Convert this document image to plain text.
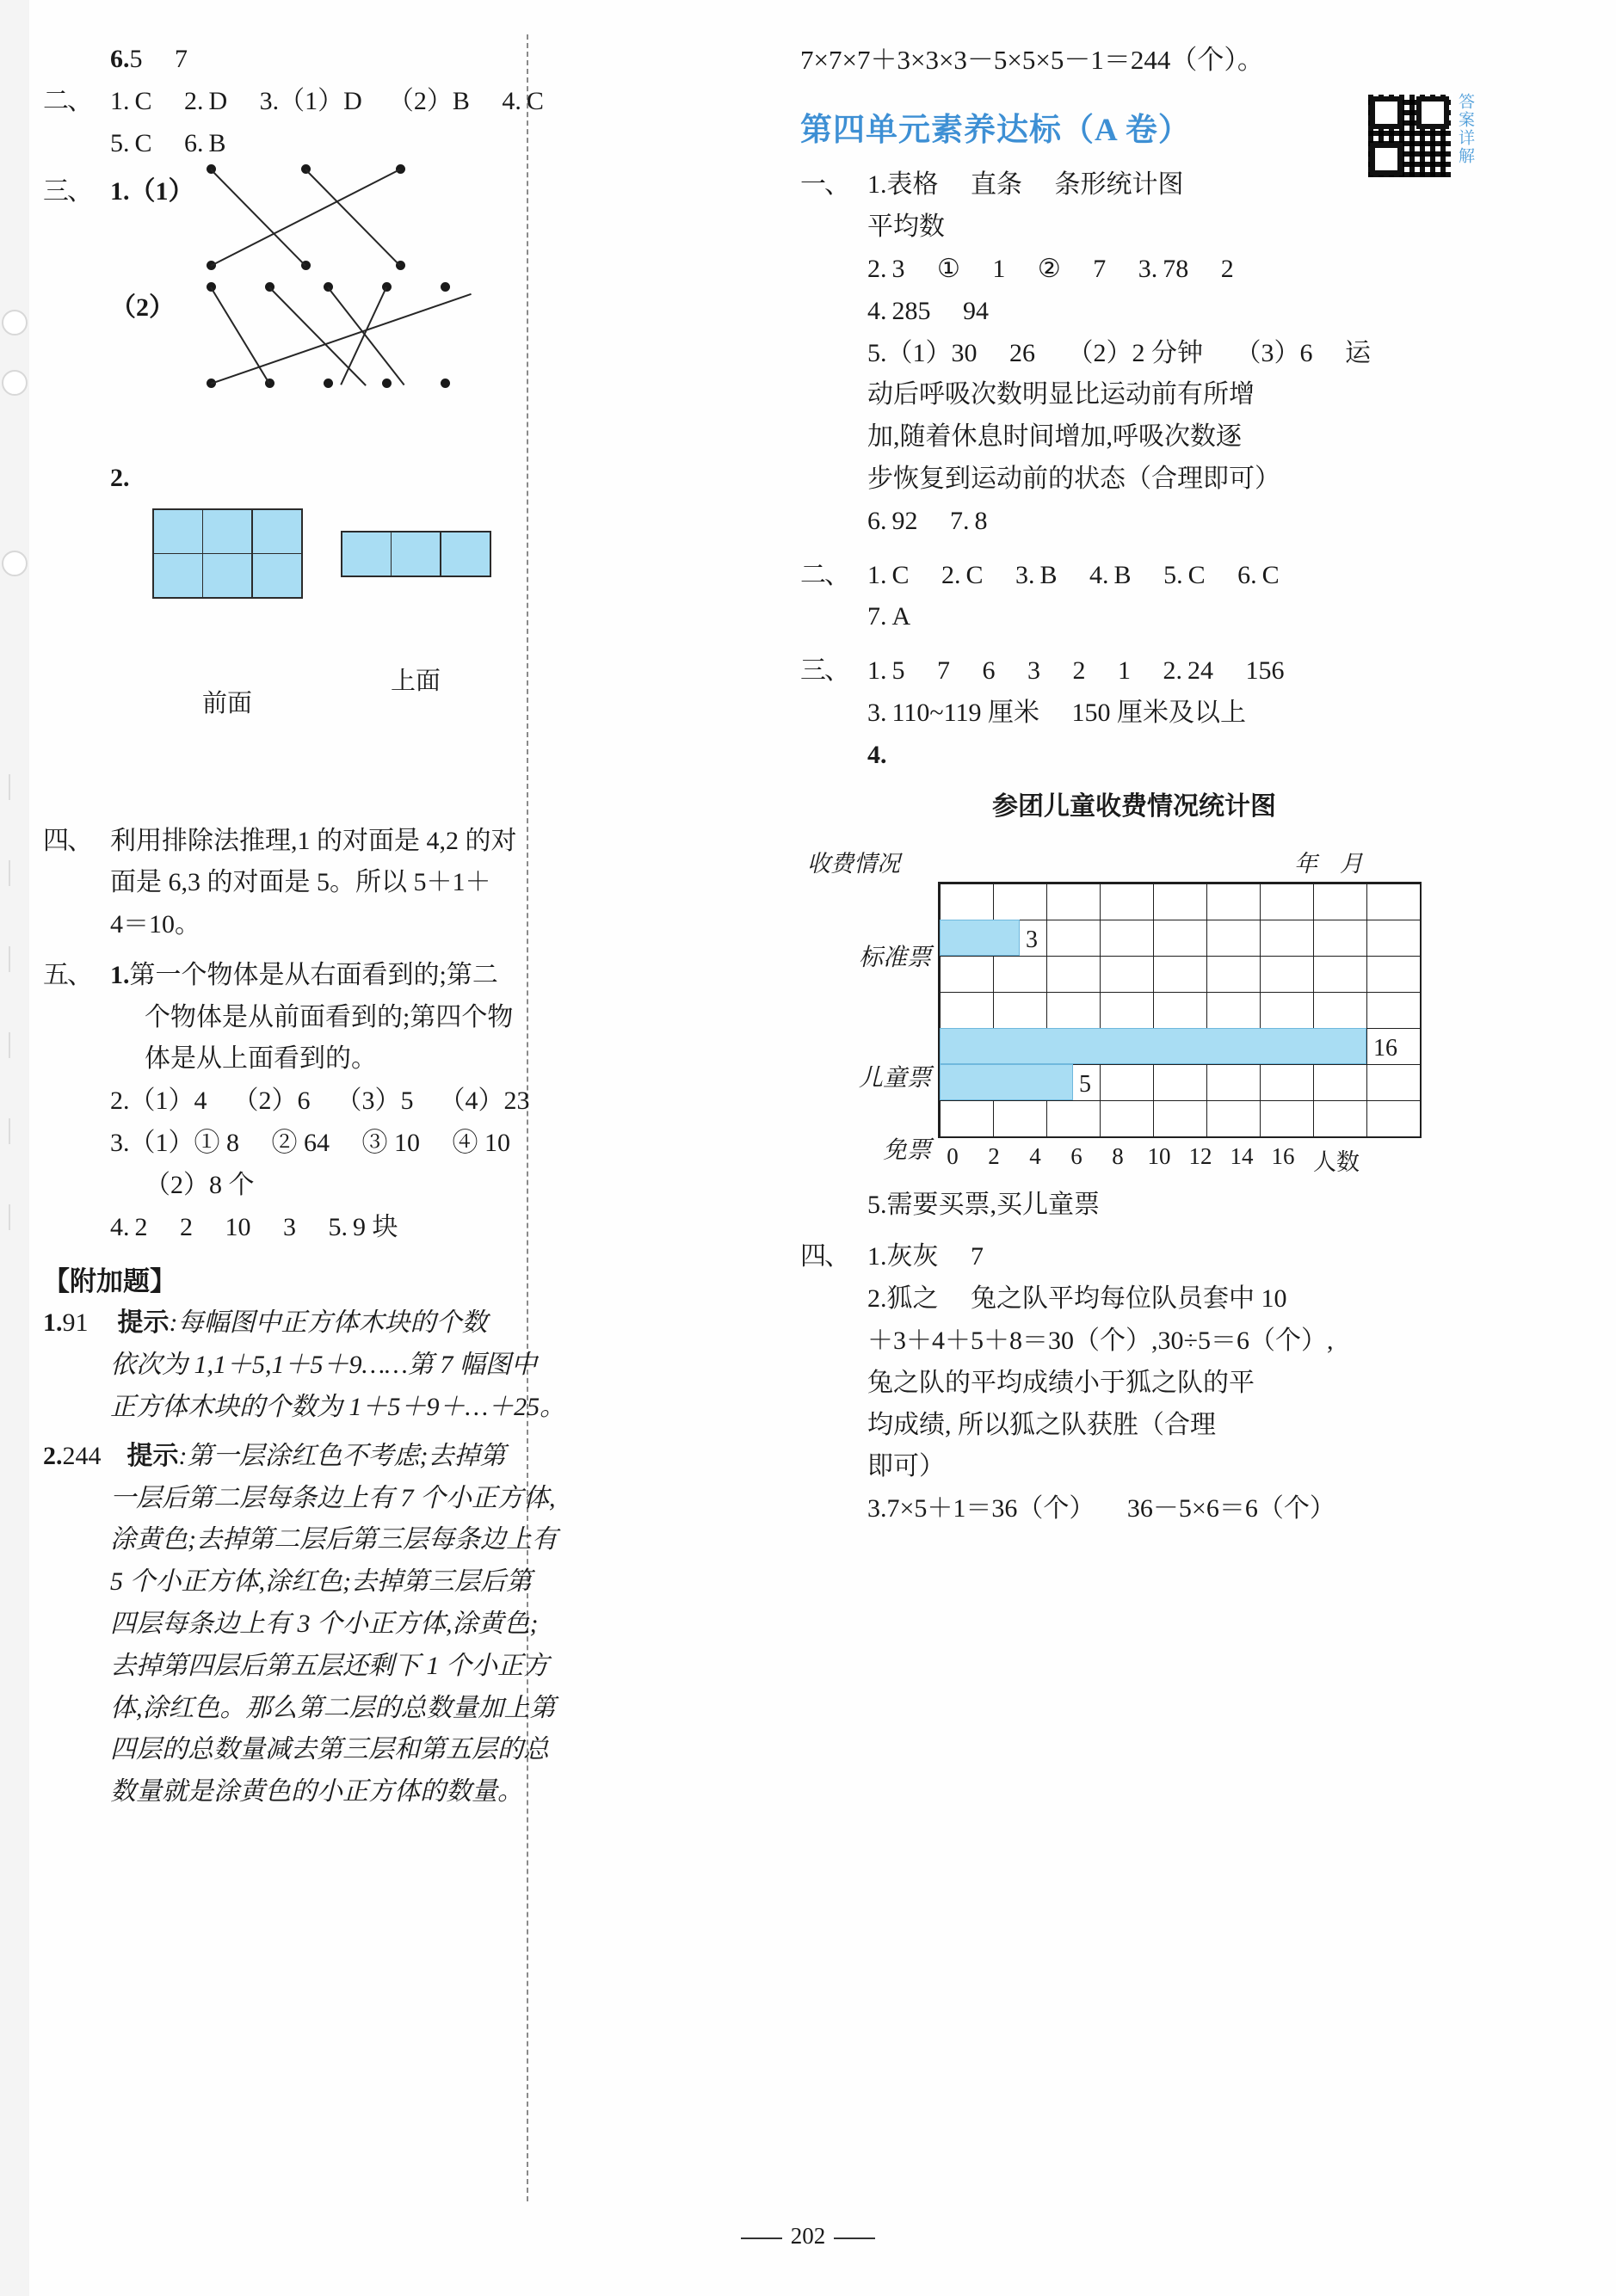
6. 5  7
二、 1. C  2. D  3.（1）D （2）B  4. C
5. C  6. B
三、 1.（1）
（2）
2.

前面

上面

四、 利用排除法推理,1 的对面是 4,2 的对
面是 6,3 的对面是 5。所以 5＋1＋
4＝10。
五、 1. 第一个物体是从右面看到的;第二
个物体是从前面看到的;第四个物
体是从上面看到的。
2.（1）4 （2）6 （3）5 （4）23
3.（1）① 8  ② 64  ③ 10  ④ 10
（2）8 个
4. 2  2  10  3  5. 9 块
【附加题】
1. 91 提示 :每幅图中正方体木块的个数
依次为 1,1＋5,1＋5＋9……第 7 幅图中
正方体木块的个数为 1＋5＋9＋…＋25。
2. 244 提示 :第一层涂红色不考虑;去掉第
一层后第二层每条边上有 7 个小正方体,
涂黄色;去掉第二层后第三层每条边上有
5 个小正方体,涂红色;去掉第三层后第
四层每条边上有 3 个小正方体,涂黄色;
去掉第四层后第五层还剩下 1 个小正方
体,涂红色。那么第二层的总数量加上第
四层的总数量减去第三层和第五层的总
数量就是涂黄色的小正方体的数量。
7×7×7＋3×3×3－5×5×5－1＝244（个）。
答案详解
第四单元素养达标（A 卷）
一、 1.表格  直条  条形统计图
平均数
2. 3  ①  1  ②  7  3. 78  2
4. 285  94
5.（1）30  26  （2）2 分钟  （3）6  运
动后呼吸次数明显比运动前有所增
加,随着休息时间增加,呼吸次数逐
步恢复到运动前的状态（合理即可）
6. 92  7. 8
二、 1. C  2. C  3. B  4. B  5. C  6. C
7. A
三、 1. 5  7  6  3  2  1  2. 24  156
3. 110~119 厘米  150 厘米及以上
4.
参团儿童收费情况统计图
收费情况	年月
标准票
儿童票
免票
3
16
5
0	2	4	6	8	10 12 14 16 人数
5.需要买票,买儿童票
四、 1.灰灰  7
2.狐之  兔之队平均每位队员套中 10
＋3＋4＋5＋8＝30（个）,30÷5＝6（个）,
兔之队的平均成绩小于狐之队的平
均成绩, 所以狐之队获胜（合理
即可）
3.7×5＋1＝36（个）  36－5×6＝6（个）
202
